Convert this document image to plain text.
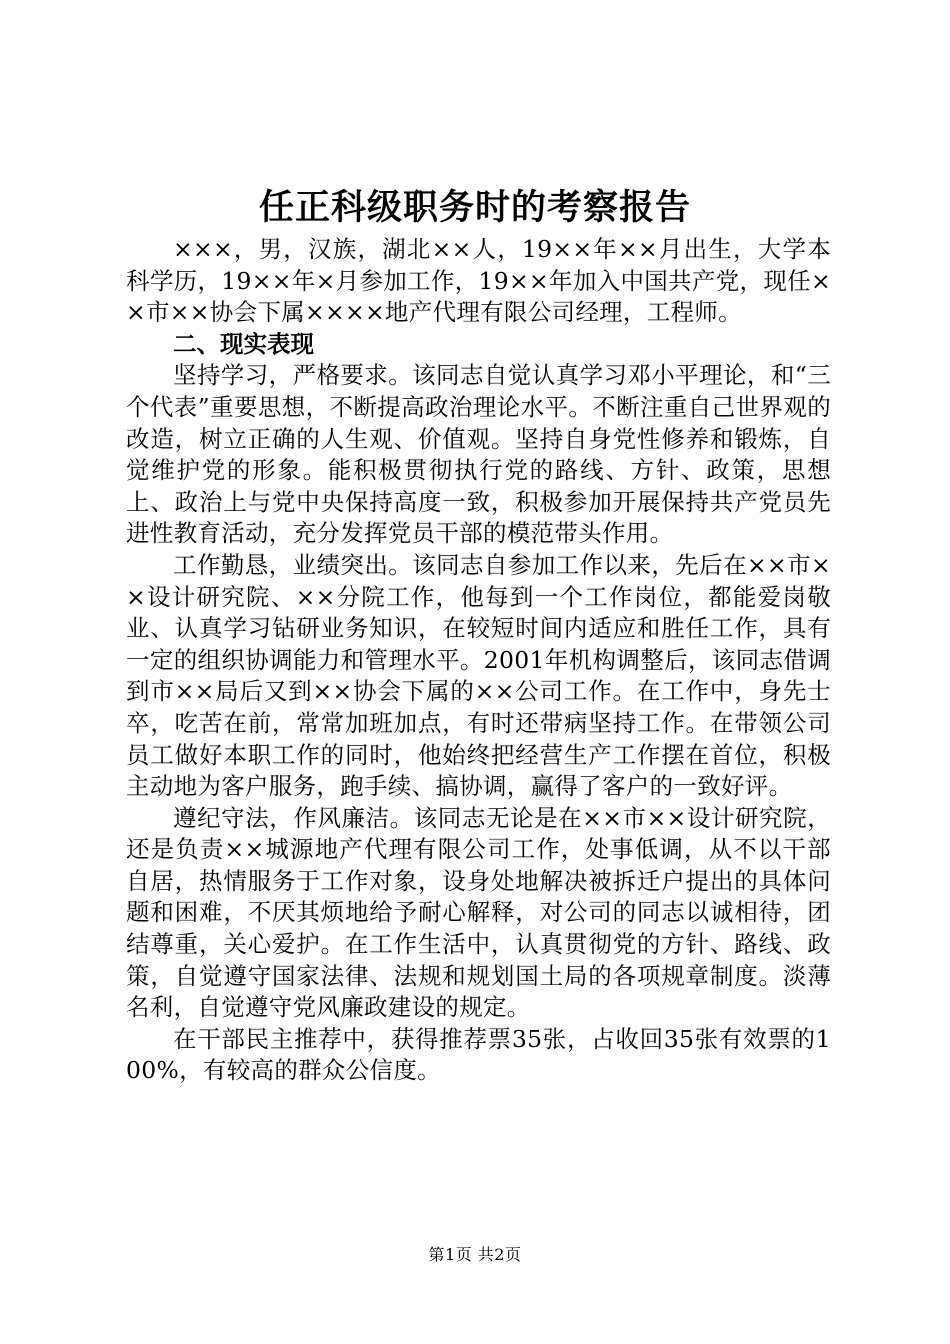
任正科级职务时的考察报告

×××，男，汉族，湖北××人，19××年××月出生，大学本科学历，19××年×月参加工作，19××年加入中国共产党，现任××市××协会下属××××地产代理有限公司经理，工程师。

二、现实表现

坚持学习，严格要求。该同志自觉认真学习邓小平理论，和“三个代表”重要思想，不断提高政治理论水平。不断注重自己世界观的改造，树立正确的人生观、价值观。坚持自身党性修养和锻炼，自觉维护党的形象。能积极贯彻执行党的路线、方针、政策，思想上、政治上与党中央保持高度一致，积极参加开展保持共产党员先进性教育活动，充分发挥党员干部的模范带头作用。

工作勤恳，业绩突出。该同志自参加工作以来，先后在××市××设计研究院、××分院工作，他每到一个工作岗位，都能爱岗敬业、认真学习钻研业务知识，在较短时间内适应和胜任工作，具有一定的组织协调能力和管理水平。2001年机构调整后，该同志借调到市××局后又到××协会下属的××公司工作。在工作中，身先士卒，吃苦在前，常常加班加点，有时还带病坚持工作。在带领公司员工做好本职工作的同时，他始终把经营生产工作摆在首位，积极主动地为客户服务，跑手续、搞协调，赢得了客户的一致好评。

遵纪守法，作风廉洁。该同志无论是在××市××设计研究院，还是负责××城源地产代理有限公司工作，处事低调，从不以干部自居，热情服务于工作对象，设身处地解决被拆迁户提出的具体问题和困难，不厌其烦地给予耐心解释，对公司的同志以诚相待，团结尊重，关心爱护。在工作生活中，认真贯彻党的方针、路线、政策，自觉遵守国家法律、法规和规划国土局的各项规章制度。淡薄名利，自觉遵守党风廉政建设的规定。

在干部民主推荐中，获得推荐票35张，占收回35张有效票的100%，有较高的群众公信度。

第1页 共2页
